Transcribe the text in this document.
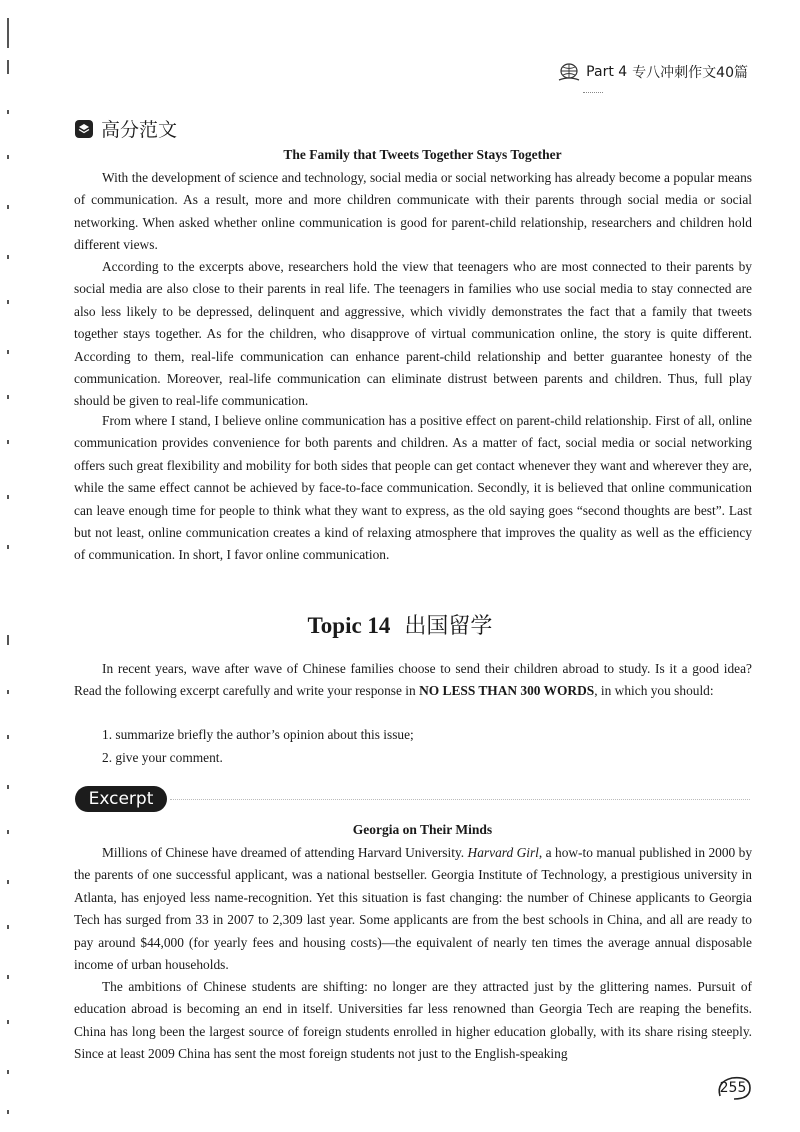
Part 4 专八冲刺作文40篇
高分范文
The Family that Tweets Together Stays Together

With the development of science and technology, social media or social networking has already become a popular means of communication. As a result, more and more children communicate with their parents through social media or social networking. When asked whether online communication is good for parent-child relationship, researchers and children hold different views.

According to the excerpts above, researchers hold the view that teenagers who are most connected to their parents by social media are also close to their parents in real life. The teenagers in families who use social media to stay connected are also less likely to be depressed, delinquent and aggressive, which vividly demonstrates the fact that a family that tweets together stays together. As for the children, who disapprove of virtual communication online, the story is quite different. According to them, real-life communication can enhance parent-child relationship and better guarantee honesty of the communication. Moreover, real-life communication can eliminate distrust between parents and children. Thus, full play should be given to real-life communication.

From where I stand, I believe online communication has a positive effect on parent-child relationship. First of all, online communication provides convenience for both parents and children. As a matter of fact, social media or social networking offers such great flexibility and mobility for both sides that people can get contact whenever they want and wherever they are, while the same effect cannot be achieved by face-to-face communication. Secondly, it is believed that online communication can leave enough time for people to think what they want to express, as the old saying goes “second thoughts are best”. Last but not least, online communication creates a kind of relaxing atmosphere that improves the quality as well as the efficiency of communication. In short, I favor online communication.

Topic 14 出国留学

In recent years, wave after wave of Chinese families choose to send their children abroad to study. Is it a good idea? Read the following excerpt carefully and write your response in NO LESS THAN 300 WORDS, in which you should:

1. summarize briefly the author’s opinion about this issue;
2. give your comment.
Excerpt
Georgia on Their Minds

Millions of Chinese have dreamed of attending Harvard University. Harvard Girl, a how-to manual published in 2000 by the parents of one successful applicant, was a national bestseller. Georgia Institute of Technology, a prestigious university in Atlanta, has enjoyed less name-recognition. Yet this situation is fast changing: the number of Chinese applicants to Georgia Tech has surged from 33 in 2007 to 2,309 last year. Some applicants are from the best schools in China, and all are ready to pay around $44,000 (for yearly fees and housing costs)—the equivalent of nearly ten times the average annual disposable income of urban households.

The ambitions of Chinese students are shifting: no longer are they attracted just by the glittering names. Pursuit of education abroad is becoming an end in itself. Universities far less renowned than Georgia Tech are reaping the benefits. China has long been the largest source of foreign students enrolled in higher education globally, with its share rising steeply. Since at least 2009 China has sent the most foreign students not just to the English-speaking

255
